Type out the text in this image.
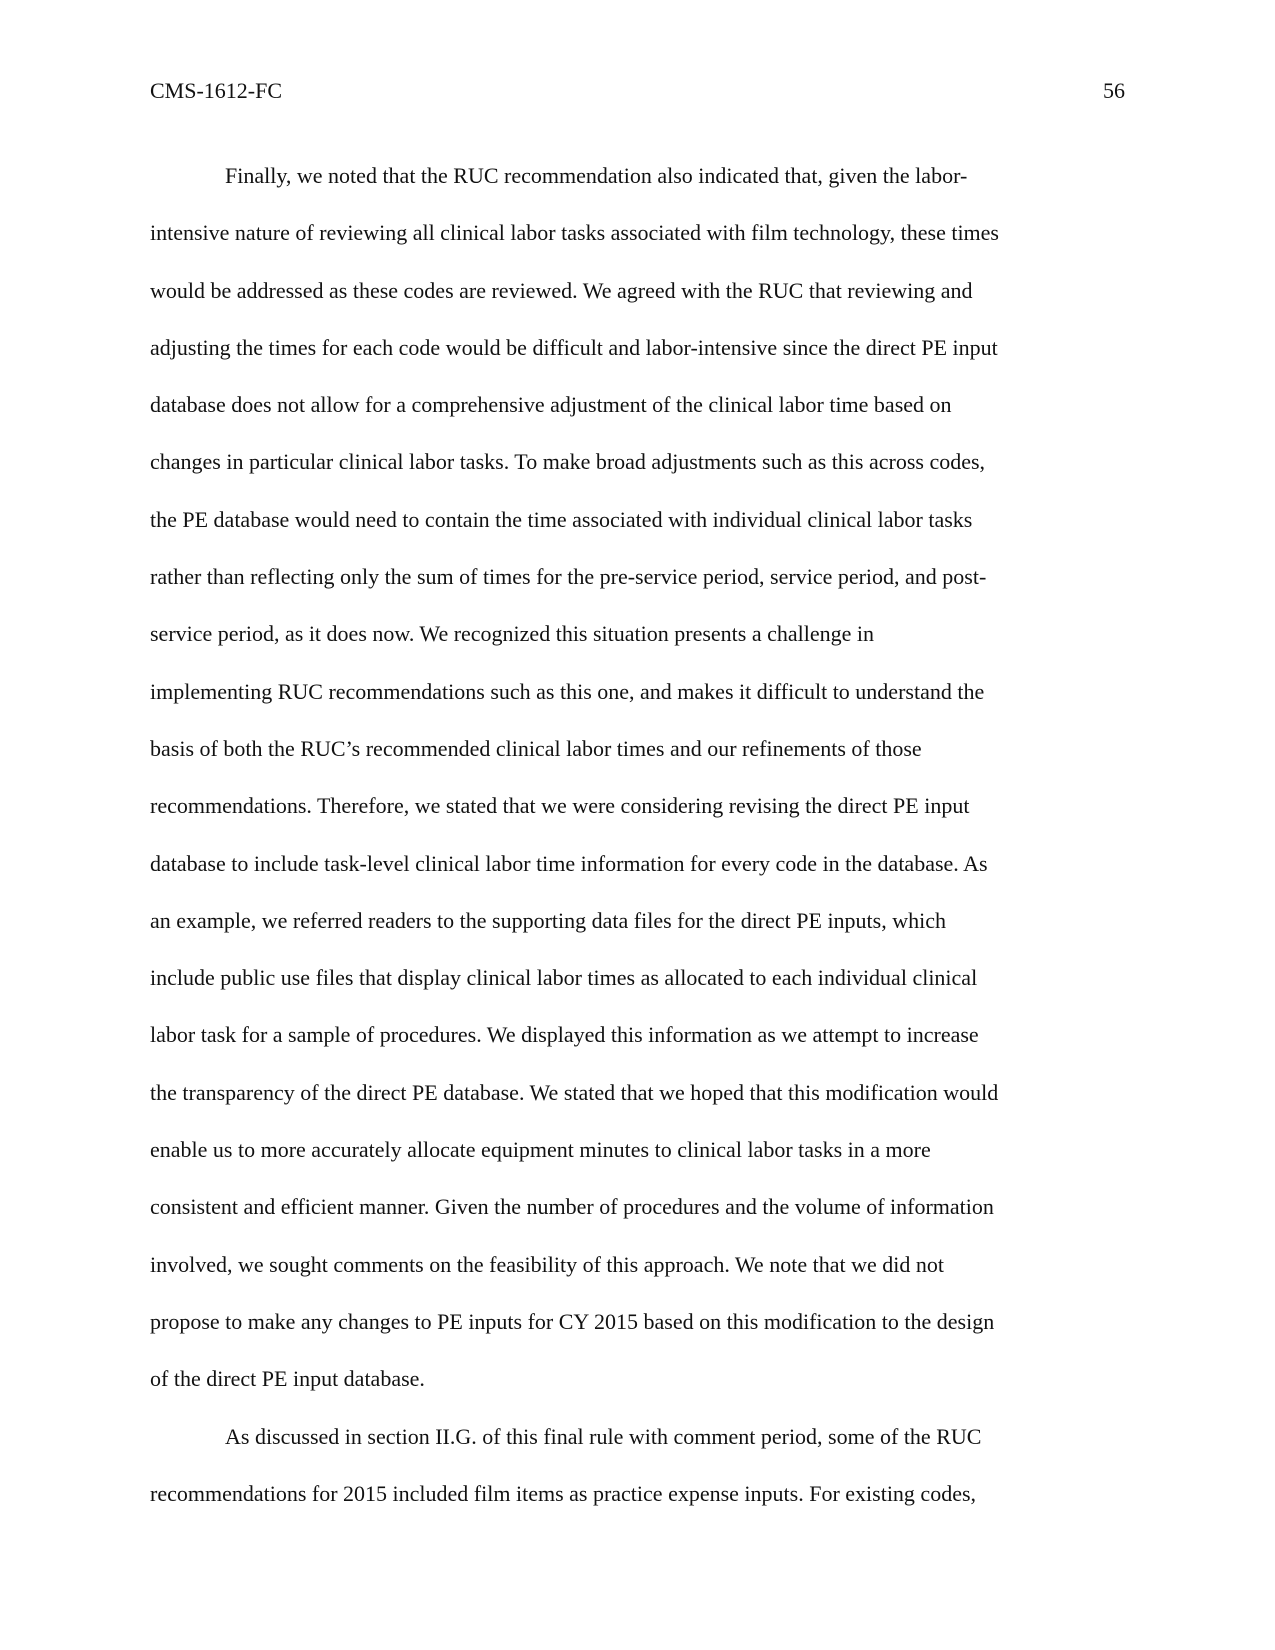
CMS-1612-FC	56
Finally, we noted that the RUC recommendation also indicated that, given the labor-
intensive nature of reviewing all clinical labor tasks associated with film technology, these times
would be addressed as these codes are reviewed. We agreed with the RUC that reviewing and
adjusting the times for each code would be difficult and labor-intensive since the direct PE input
database does not allow for a comprehensive adjustment of the clinical labor time based on
changes in particular clinical labor tasks. To make broad adjustments such as this across codes,
the PE database would need to contain the time associated with individual clinical labor tasks
rather than reflecting only the sum of times for the pre-service period, service period, and post-
service period, as it does now. We recognized this situation presents a challenge in
implementing RUC recommendations such as this one, and makes it difficult to understand the
basis of both the RUC’s recommended clinical labor times and our refinements of those
recommendations. Therefore, we stated that we were considering revising the direct PE input
database to include task-level clinical labor time information for every code in the database. As
an example, we referred readers to the supporting data files for the direct PE inputs, which
include public use files that display clinical labor times as allocated to each individual clinical
labor task for a sample of procedures. We displayed this information as we attempt to increase
the transparency of the direct PE database. We stated that we hoped that this modification would
enable us to more accurately allocate equipment minutes to clinical labor tasks in a more
consistent and efficient manner. Given the number of procedures and the volume of information
involved, we sought comments on the feasibility of this approach. We note that we did not
propose to make any changes to PE inputs for CY 2015 based on this modification to the design
of the direct PE input database.
As discussed in section II.G. of this final rule with comment period, some of the RUC
recommendations for 2015 included film items as practice expense inputs. For existing codes,
